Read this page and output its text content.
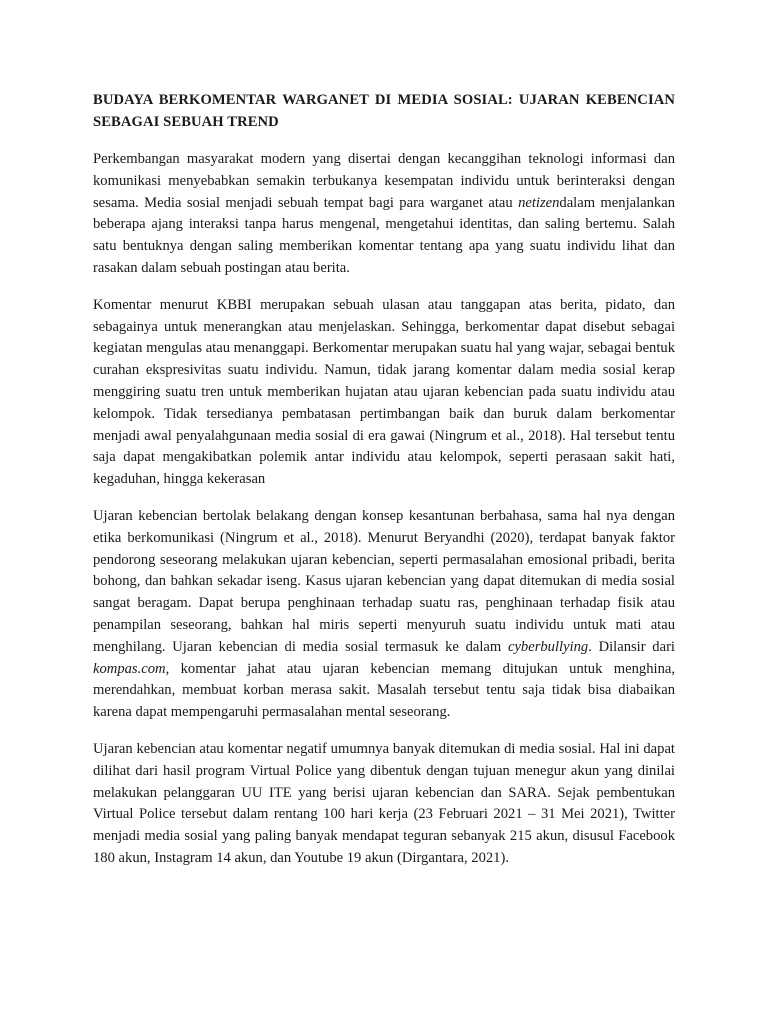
BUDAYA BERKOMENTAR WARGANET DI MEDIA SOSIAL: UJARAN KEBENCIAN SEBAGAI SEBUAH TREND

Perkembangan masyarakat modern yang disertai dengan kecanggihan teknologi informasi dan komunikasi menyebabkan semakin terbukanya kesempatan individu untuk berinteraksi dengan sesama. Media sosial menjadi sebuah tempat bagi para warganet atau netizendalam menjalankan beberapa ajang interaksi tanpa harus mengenal, mengetahui identitas, dan saling bertemu. Salah satu bentuknya dengan saling memberikan komentar tentang apa yang suatu individu lihat dan rasakan dalam sebuah postingan atau berita.

Komentar menurut KBBI merupakan sebuah ulasan atau tanggapan atas berita, pidato, dan sebagainya untuk menerangkan atau menjelaskan. Sehingga, berkomentar dapat disebut sebagai kegiatan mengulas atau menanggapi. Berkomentar merupakan suatu hal yang wajar, sebagai bentuk curahan ekspresivitas suatu individu. Namun, tidak jarang komentar dalam media sosial kerap menggiring suatu tren untuk memberikan hujatan atau ujaran kebencian pada suatu individu atau kelompok. Tidak tersedianya pembatasan pertimbangan baik dan buruk dalam berkomentar menjadi awal penyalahgunaan media sosial di era gawai (Ningrum et al., 2018). Hal tersebut tentu saja dapat mengakibatkan polemik antar individu atau kelompok, seperti perasaan sakit hati, kegaduhan, hingga kekerasan

Ujaran kebencian bertolak belakang dengan konsep kesantunan berbahasa, sama hal nya dengan etika berkomunikasi (Ningrum et al., 2018). Menurut Beryandhi (2020), terdapat banyak faktor pendorong seseorang melakukan ujaran kebencian, seperti permasalahan emosional pribadi, berita bohong, dan bahkan sekadar iseng. Kasus ujaran kebencian yang dapat ditemukan di media sosial sangat beragam. Dapat berupa penghinaan terhadap suatu ras, penghinaan terhadap fisik atau penampilan seseorang, bahkan hal miris seperti menyuruh suatu individu untuk mati atau menghilang. Ujaran kebencian di media sosial termasuk ke dalam cyberbullying. Dilansir dari kompas.com, komentar jahat atau ujaran kebencian memang ditujukan untuk menghina, merendahkan, membuat korban merasa sakit. Masalah tersebut tentu saja tidak bisa diabaikan karena dapat mempengaruhi permasalahan mental seseorang.

Ujaran kebencian atau komentar negatif umumnya banyak ditemukan di media sosial. Hal ini dapat dilihat dari hasil program Virtual Police yang dibentuk dengan tujuan menegur akun yang dinilai melakukan pelanggaran UU ITE yang berisi ujaran kebencian dan SARA. Sejak pembentukan Virtual Police tersebut dalam rentang 100 hari kerja (23 Februari 2021 – 31 Mei 2021), Twitter menjadi media sosial yang paling banyak mendapat teguran sebanyak 215 akun, disusul Facebook 180 akun, Instagram 14 akun, dan Youtube 19 akun (Dirgantara, 2021).
